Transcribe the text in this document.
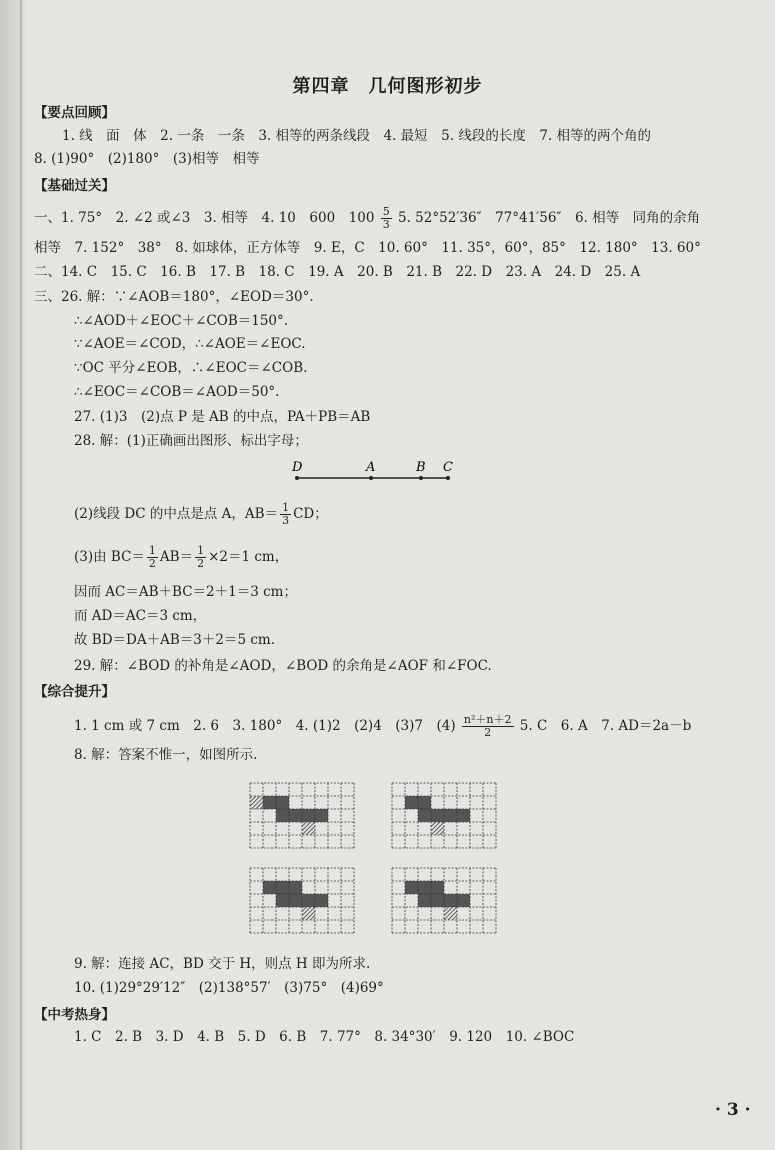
第四章　几何图形初步
【要点回顾】
1. 线　面　体　2. 一条　一条　3. 相等的两条线段　4. 最短　5. 线段的长度　7. 相等的两个角的
8. (1)90°　(2)180°　(3)相等　相等
【基础过关】
一、1. 75°　2. ∠2 或∠3　3. 相等　4. 10　600　$100 \frac{5}{3} 5$. 52°52′36″　77°41′56″　6. 相等　同角的余角
相等　7. 152°　38°　8. 如球体，正方体等　9. E，C　10. 60°　11. 35°，60°，85°　12. 180°　13. 60°
二、14. C　15. C　16. B　17. B　18. C　19. A　20. B　21. B　22. D　23. A　24. D　25. A
三、26. 解：∵∠AOB＝180°，∠EOD＝30°.
∴∠AOD＋∠EOC＋∠COB＝150°.
∵∠AOE＝∠COD，∴∠AOE＝∠EOC.
∵OC 平分∠EOB，∴∠EOC＝∠COB.
∴∠EOC＝∠COB＝∠AOD＝50°.
27. (1)3　(2)点 P 是 AB 的中点，PA＋PB＝AB
28. 解：(1)正确画出图形、标出字母；
D	A	B C
(2)线段 DC 的中点是点 A，$AB= \frac{1}{3}$ CD；
(3)由 $BC= \frac{1}{2} AB= \frac{1}{2} \times 2=1$ cm，
因而 AC＝AB＋BC＝2＋1＝3 cm；
而 AD＝AC＝3 cm，
故 BD＝DA＋AB＝3＋2＝5 cm.
29. 解：∠BOD 的补角是∠AOD，∠BOD 的余角是∠AOF 和∠FOC.
【综合提升】
1. 1 cm 或 7 cm　2. 6　3. 180°　4. (1)2　(2)4　(3)7　$(4) \frac{\text{n²＋n＋2}}{2} 5$. C　6. A　7. AD＝2a－b
8. 解：答案不惟一，如图所示.
9. 解：连接 AC，BD 交于 H，则点 H 即为所求.
10. (1)29°29′12″　(2)138°57′　(3)75°　(4)69°
【中考热身】
1. C　2. B　3. D　4. B　5. D　6. B　7. 77°　8. 34°30′　9. 120　10. ∠BOC
· 3 ·
